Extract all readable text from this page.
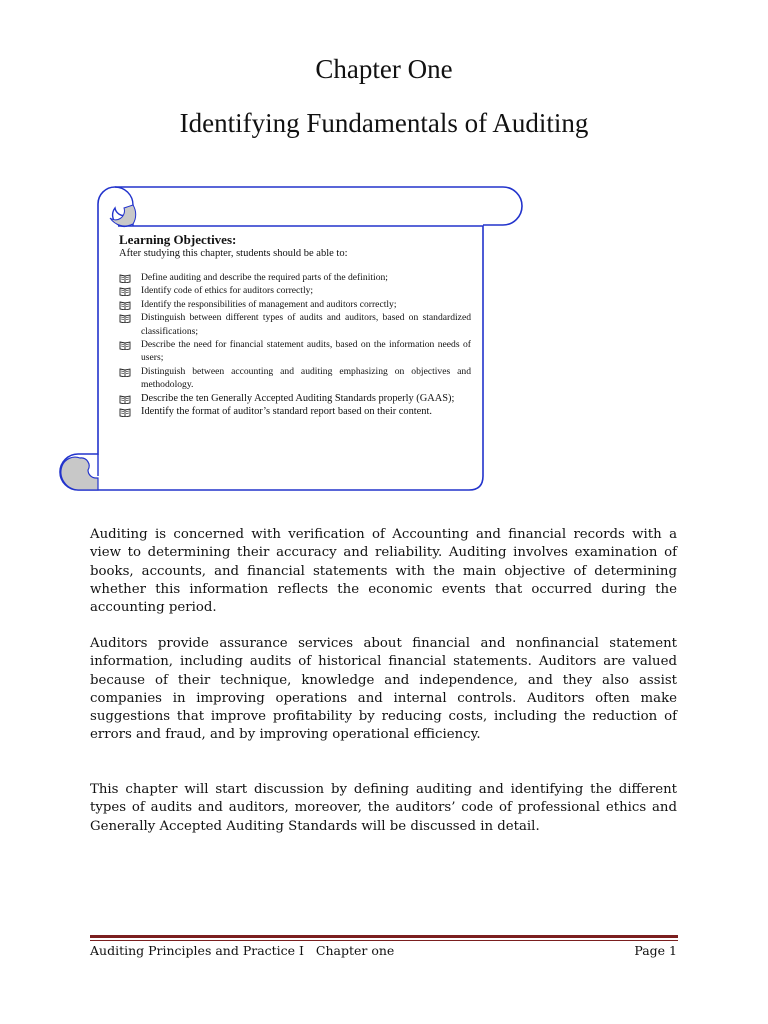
Chapter One
Identifying Fundamentals of Auditing
Learning Objectives:
After studying this chapter, students should be able to:
Define auditing and describe the required parts of the definition;
Identify code of ethics for auditors correctly;
Identify the responsibilities of management and auditors correctly;
Distinguish between different types of audits and auditors, based on standardized classifications;
Describe the need for financial statement audits, based on the information needs of users;
Distinguish between accounting and auditing emphasizing on objectives and methodology.
Describe the ten Generally Accepted Auditing Standards properly (GAAS);
Identify the format of auditor’s standard report based on their content.

Auditing is concerned with verification of Accounting and financial records with a view to determining their accuracy and reliability. Auditing involves examination of books, accounts, and financial statements with the main objective of determining whether this information reflects the economic events that occurred during the accounting period.

Auditors provide assurance services about financial and nonfinancial statement information, including audits of historical financial statements. Auditors are valued because of their technique, knowledge and independence, and they also assist companies in improving operations and internal controls. Auditors often make suggestions that improve profitability by reducing costs, including the reduction of errors and fraud, and by improving operational efficiency.

This chapter will start discussion by defining auditing and identifying the different types of audits and auditors, moreover, the auditors’ code of professional ethics and Generally Accepted Auditing Standards will be discussed in detail.

Auditing Principles and Practice I   Chapter one	Page 1
